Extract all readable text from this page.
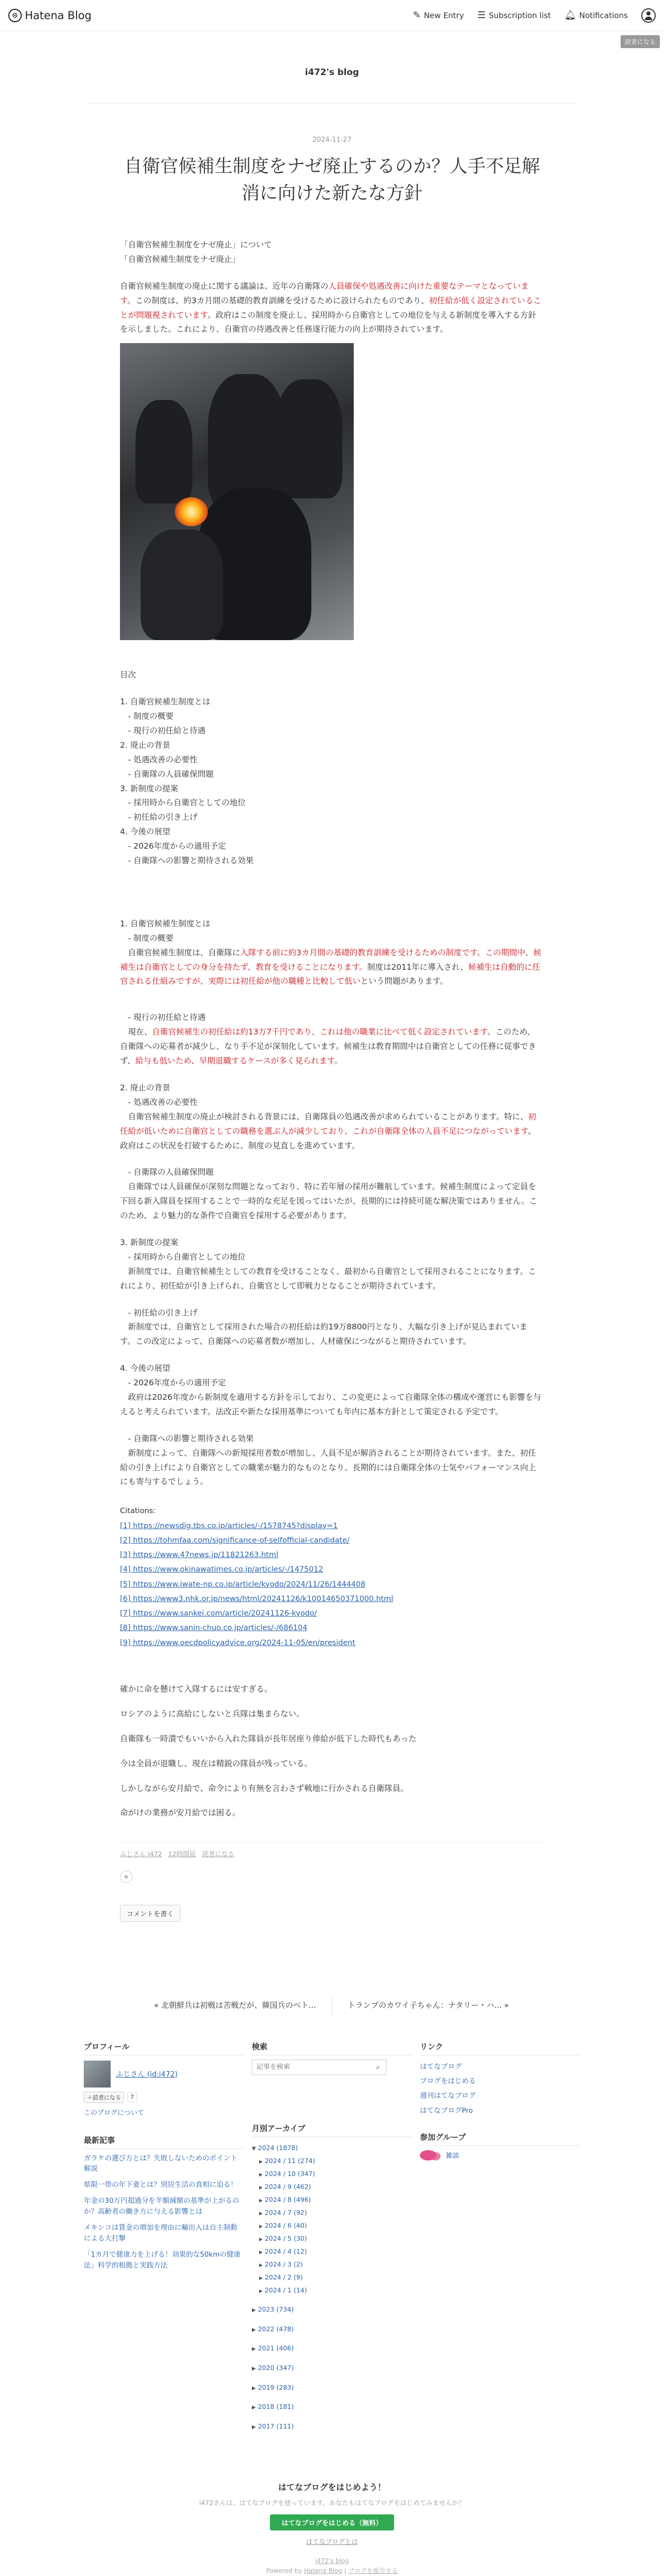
⊙ Hatena Blog	✎ New Entry ☰ Subscription list 🔔︎ Notifications
読者になる
i472's blog
2024-11-27
自衛官候補生制度をナゼ廃止するのか？人手不足解消に向けた新たな方針

「自衛官候補生制度をナゼ廃止」について

「自衛官候補生制度をナゼ廃止」

自衛官候補生制度の廃止に関する議論は、近年の自衛隊の人員確保や処遇改善に向けた重要なテーマとなっています。この制度は、約3カ月間の基礎的教育訓練を受けるために設けられたものであり、初任給が低く設定されていることが問題視されています。政府はこの制度を廃止し、採用時から自衛官としての地位を与える新制度を導入する方針を示しました。これにより、自衛官の待遇改善と任務遂行能力の向上が期待されています。

目次

1. 自衛官候補生制度とは

　- 制度の概要

　- 現行の初任給と待遇

2. 廃止の背景

　- 処遇改善の必要性

　- 自衛隊の人員確保問題

3. 新制度の提案

　- 採用時から自衛官としての地位

　- 初任給の引き上げ

4. 今後の展望

　- 2026年度からの適用予定

　- 自衛隊への影響と期待される効果

1. 自衛官候補生制度とは

　- 制度の概要

　自衛官候補生制度は、自衛隊に入隊する前に約3カ月間の基礎的教育訓練を受けるための制度です。この期間中、候補生は自衛官としての身分を持たず、教育を受けることになります。制度は2011年に導入され、候補生は自動的に任官される仕組みですが、実際には初任給が他の職種と比較して低いという問題があります。

　- 現行の初任給と待遇

　現在、自衛官候補生の初任給は約13万7千円であり、これは他の職業に比べて低く設定されています。このため、自衛隊への応募者が減少し、なり手不足が深刻化しています。候補生は教育期間中は自衛官としての任務に従事できず、給与も低いため、早期退職するケースが多く見られます。

2. 廃止の背景

　- 処遇改善の必要性

　自衛官候補生制度の廃止が検討される背景には、自衛隊員の処遇改善が求められていることがあります。特に、初任給が低いために自衛官としての職務を選ぶ人が減少しており、これが自衛隊全体の人員不足につながっています。政府はこの状況を打破するために、制度の見直しを進めています。

　- 自衛隊の人員確保問題

　自衛隊では人員確保が深刻な問題となっており、特に若年層の採用が難航しています。候補生制度によって定員を下回る新入隊員を採用することで一時的な充足を図ってはいたが、長期的には持続可能な解決策ではありません。このため、より魅力的な条件で自衛官を採用する必要があります。

3. 新制度の提案

　- 採用時から自衛官としての地位

　新制度では、自衛官候補生としての教育を受けることなく、最初から自衛官として採用されることになります。これにより、初任給が引き上げられ、自衛官として即戦力となることが期待されています。

　- 初任給の引き上げ

　新制度では、自衛官として採用された場合の初任給は約19万8800円となり、大幅な引き上げが見込まれています。この改定によって、自衛隊への応募者数が増加し、人材確保につながると期待されています。

4. 今後の展望

　- 2026年度からの適用予定

　政府は2026年度から新制度を適用する方針を示しており、この変更によって自衛隊全体の構成や運営にも影響を与えると考えられています。法改正や新たな採用基準についても年内に基本方針として策定される予定です。

　- 自衛隊への影響と期待される効果

　新制度によって、自衛隊への新規採用者数が増加し、人員不足が解消されることが期待されています。また、初任給の引き上げにより自衛官としての職業が魅力的なものとなり、長期的には自衛隊全体の士気やパフォーマンス向上にも寄与するでしょう。

Citations:
[1] https://newsdig.tbs.co.jp/articles/-/1578745?display=1
[2] https://tohmfaa.com/significance-of-selfofficial-candidate/
[3] https://www.47news.jp/11821263.html
[4] https://www.okinawatimes.co.jp/articles/-/1475012
[5] https://www.iwate-np.co.jp/article/kyodo/2024/11/26/1444408
[6] https://www3.nhk.or.jp/news/html/20241126/k10014650371000.html
[7] https://www.sankei.com/article/20241126-kyodo/
[8] https://www.sanin-chuo.co.jp/articles/-/686104
[9] https://www.oecdpolicyadvice.org/2024-11-05/en/president

確かに命を懸けて入隊するには安すぎる。

ロシアのように高給にしないと兵隊は集まらない。

自衛隊も一時潰でもいいから入れた隊員が長年居座り俸給が低下した時代もあった

今は全員が退職し、現在は精鋭の隊員が残っている。

しかしながら安月給で、命令により有無を言わさず戦地に行かされる自衛隊員。

命がけの業務が安月給では困る。

ふじさん i472 12時間前 読者になる
★
コメントを書く
« 北朝鮮兵は初戦は苦戦だが、韓国兵のベト...	トランプのカワイ子ちゃん：ナタリー・ハ... »
プロフィール
ふじさん (id:i472)
＋読者になる	7
このブログについて
最新記事
ガラケの選び方とは？失敗しないためのポイント解説
県限一帯の年下妻とは？別居生活の真相に迫る！
年金の30万円超過分を半額減額の基準が上がるのか？高齢者の働き方に与える影響とは
メキシコは賃金の増加を理由に輸出入は自主制動による大打撃
「1カ月で健康力を上げる！効果的な50kmの健康法」科学的根拠と実践方法
検索
記事を検索
⌕
月別アーカイブ
▼ 2024 (1878)
▶ 2024 / 11 (274)
▶ 2024 / 10 (347)
▶ 2024 / 9 (462)
▶ 2024 / 8 (496)
▶ 2024 / 7 (92)
▶ 2024 / 6 (40)
▶ 2024 / 5 (30)
▶ 2024 / 4 (12)
▶ 2024 / 3 (2)
▶ 2024 / 2 (9)
▶ 2024 / 1 (14)
▶ 2023 (734)
▶ 2022 (478)
▶ 2021 (406)
▶ 2020 (347)
▶ 2019 (283)
▶ 2018 (181)
▶ 2017 (111)
リンク
はてなブログ
ブログをはじめる
週刊はてなブログ
はてなブログPro
参加グループ
雑談
はてなブログをはじめよう！
i472さんは、はてなブログを使っています。あなたもはてなブログをはじめてみませんか？
はてなブログをはじめる（無料）
はてなブログとは
i472's blog
Powered by Hatena Blog | ブログを報告する
